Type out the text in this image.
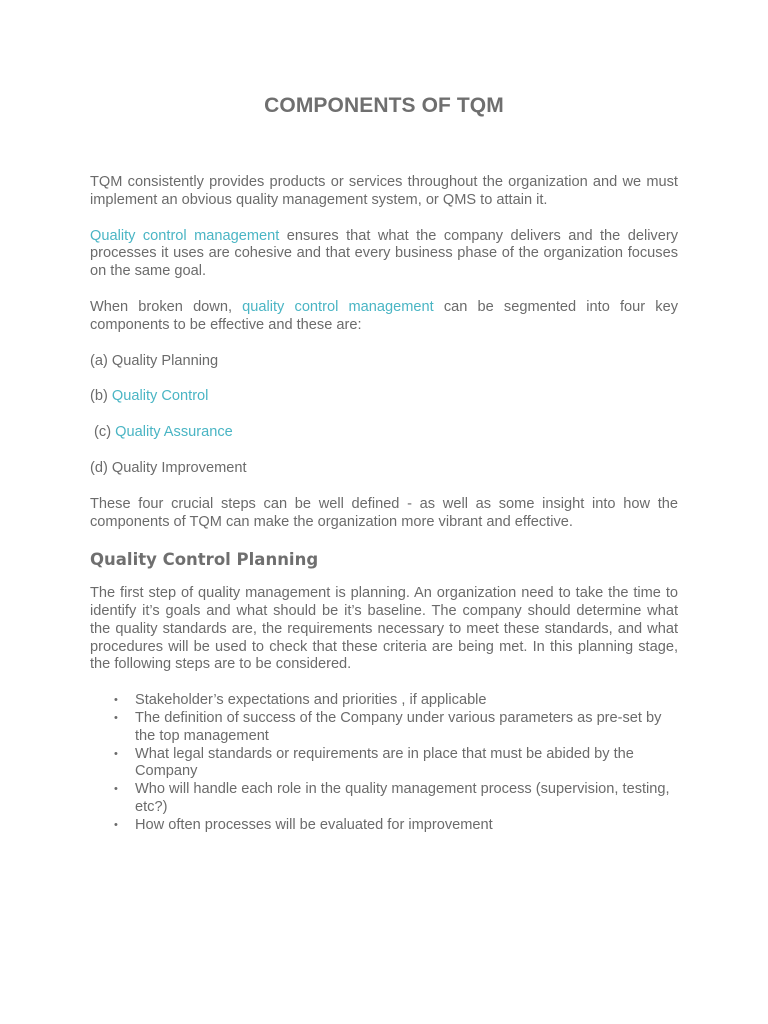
COMPONENTS OF TQM

TQM consistently provides products or services throughout the organization and we must implement an obvious quality management system, or QMS to attain it.

Quality control management ensures that what the company delivers and the delivery processes it uses are cohesive and that every business phase of the organization focuses on the same goal.

When broken down, quality control management can be segmented into four key components to be effective and these are:

(a) Quality Planning

(b) Quality Control

(c) Quality Assurance

(d) Quality Improvement

These four crucial steps can be well defined - as well as some insight into how the components of TQM can make the organization more vibrant and effective.

Quality Control Planning

The first step of quality management is planning. An organization need to take the time to identify it’s goals and what should be it’s baseline. The company should determine what the quality standards are, the requirements necessary to meet these standards, and what procedures will be used to check that these criteria are being met. In this planning stage, the following steps are to be considered.

• Stakeholder’s expectations and priorities , if applicable
• The definition of success of the Company under various parameters as pre-set by the top management
• What legal standards or requirements are in place that must be abided by the Company
• Who will handle each role in the quality management process (supervision, testing, etc?)
• How often processes will be evaluated for improvement
